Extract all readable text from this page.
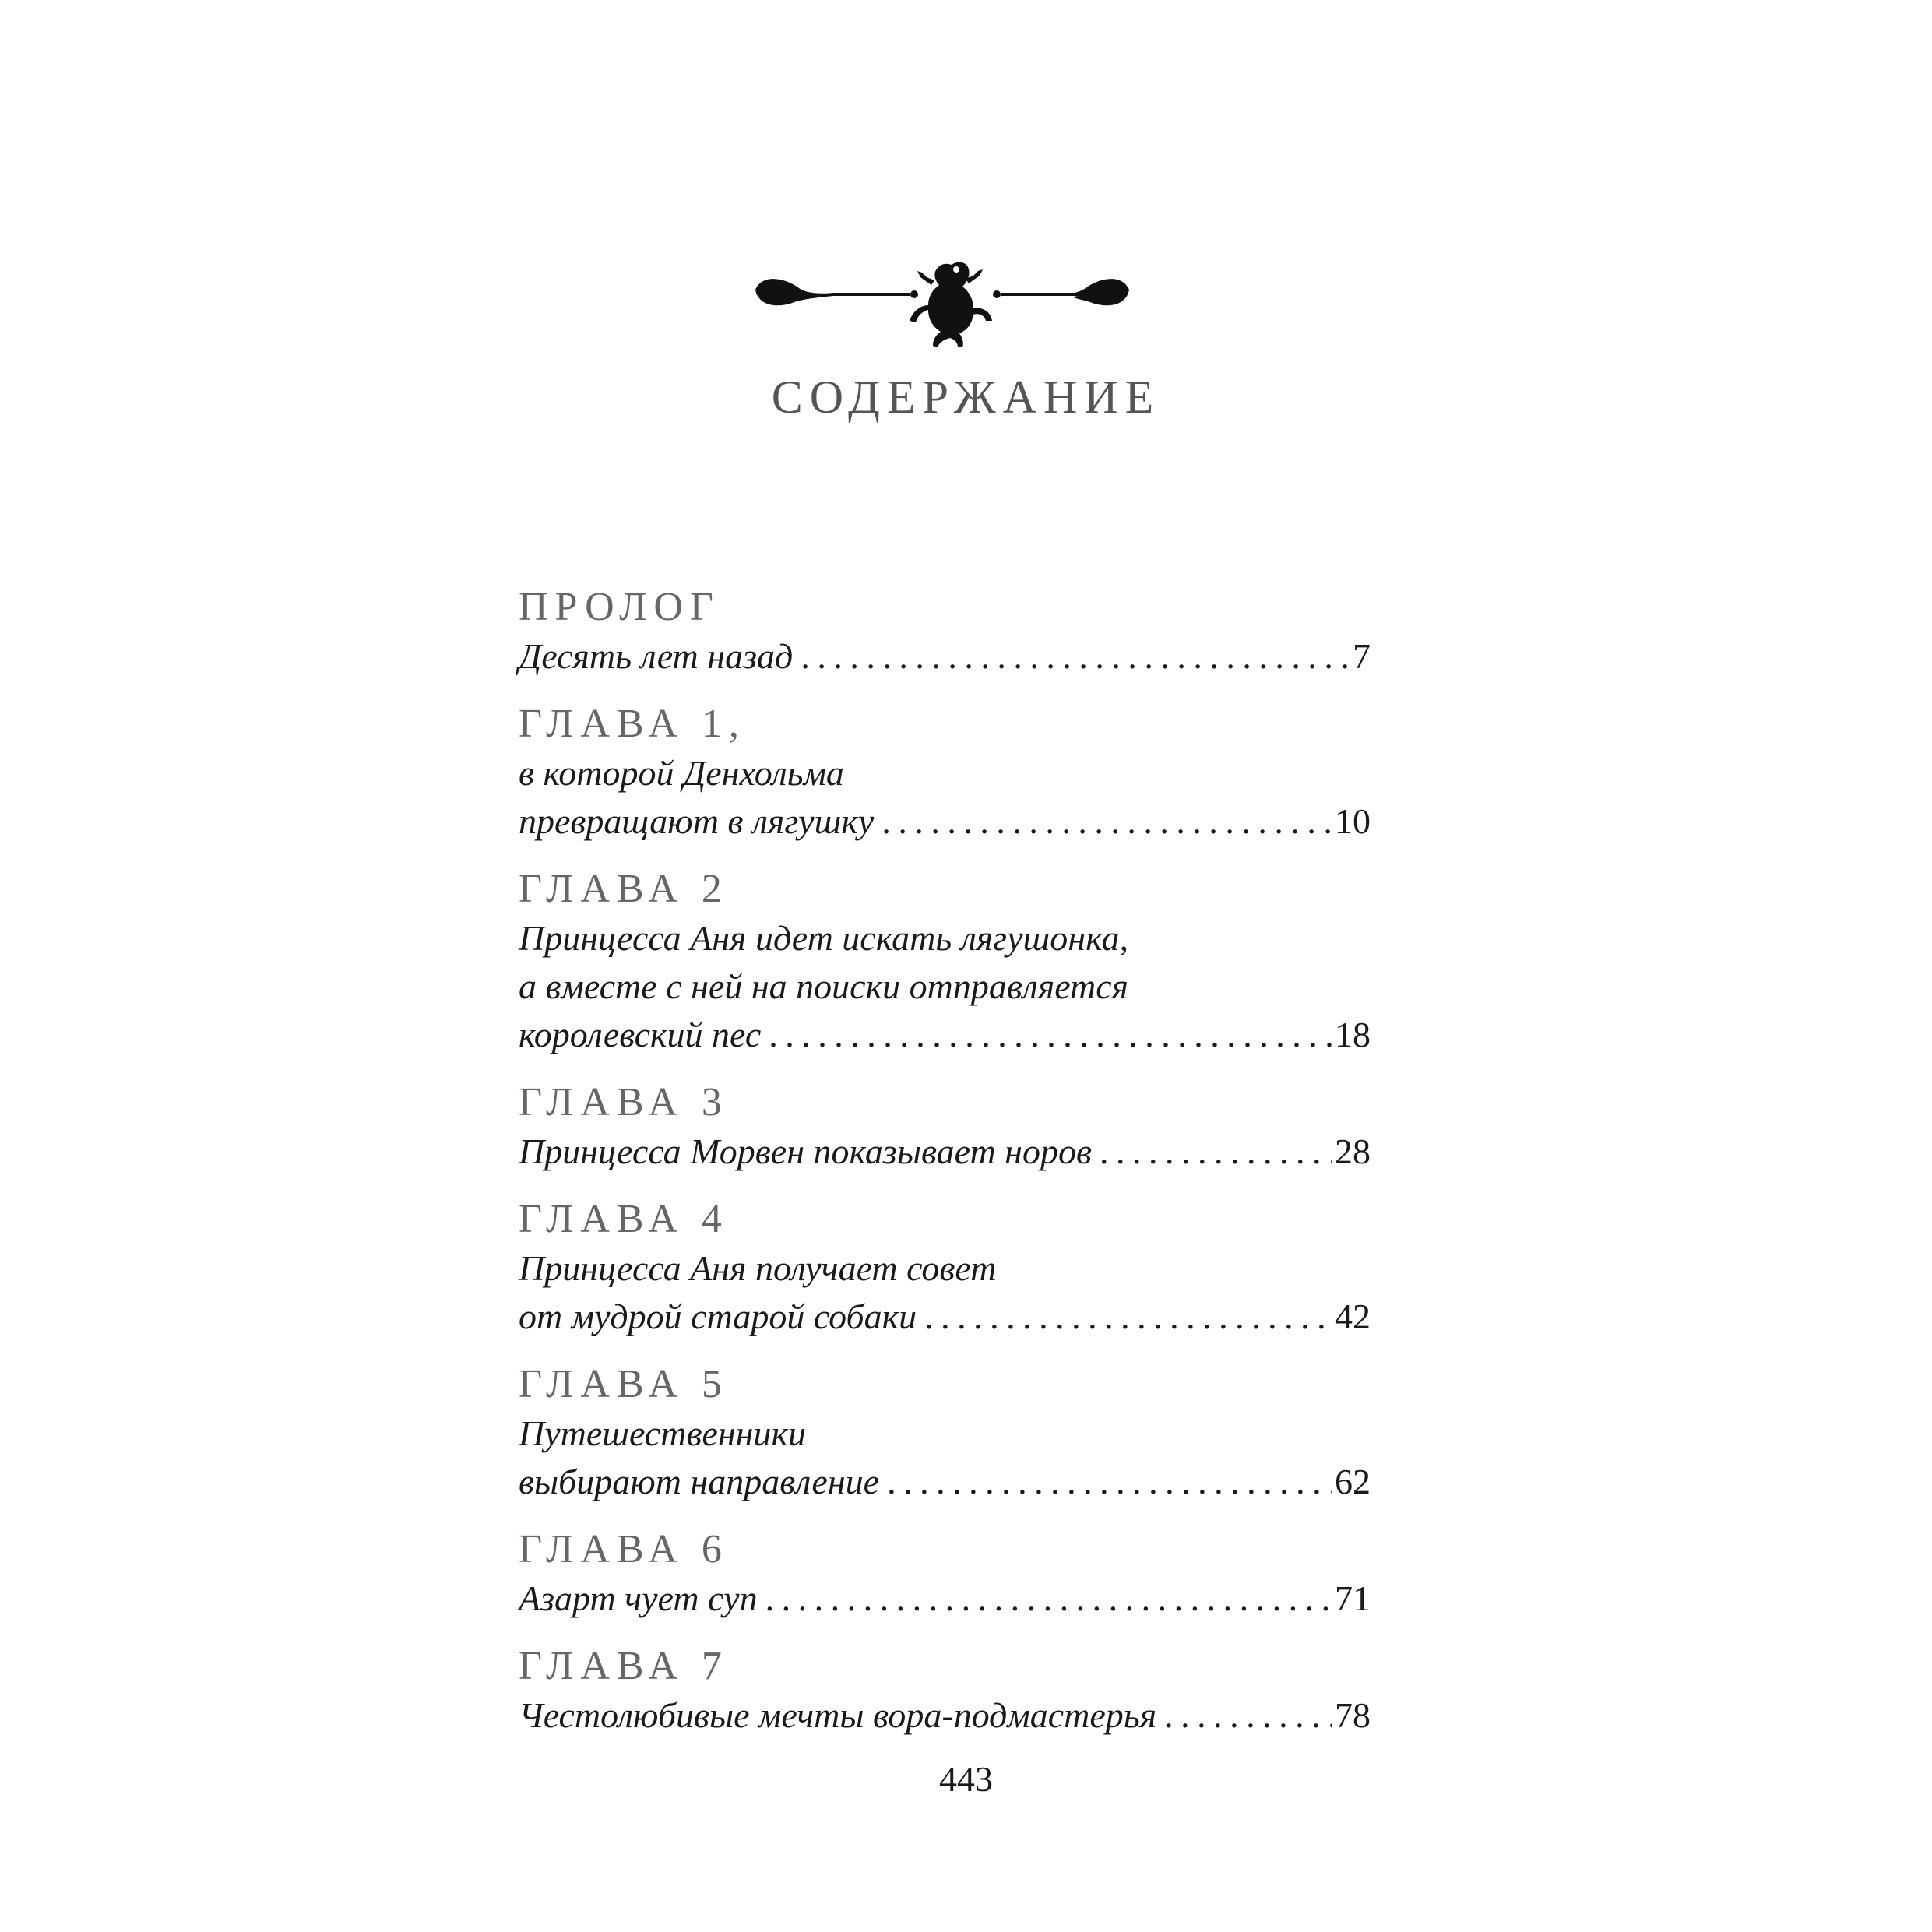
СОДЕРЖАНИЕ
ПРОЛОГ
Десять лет назад . . .	7
ГЛАВА 1,
в которой Денхольма
превращают в лягушку . . .	10
ГЛАВА 2
Принцесса Аня идет искать лягушонка,
а вместе с ней на поиски отправляется
королевский пес . . .	18
ГЛАВА 3
Принцесса Морвен показывает норов . . .	28
ГЛАВА 4
Принцесса Аня получает совет
от мудрой старой собаки . . .	42
ГЛАВА 5
Путешественники
выбирают направление . . .	62
ГЛАВА 6
Азарт чует суп . . .	71
ГЛАВА 7
Честолюбивые мечты вора-подмастерья . . .	78
443
